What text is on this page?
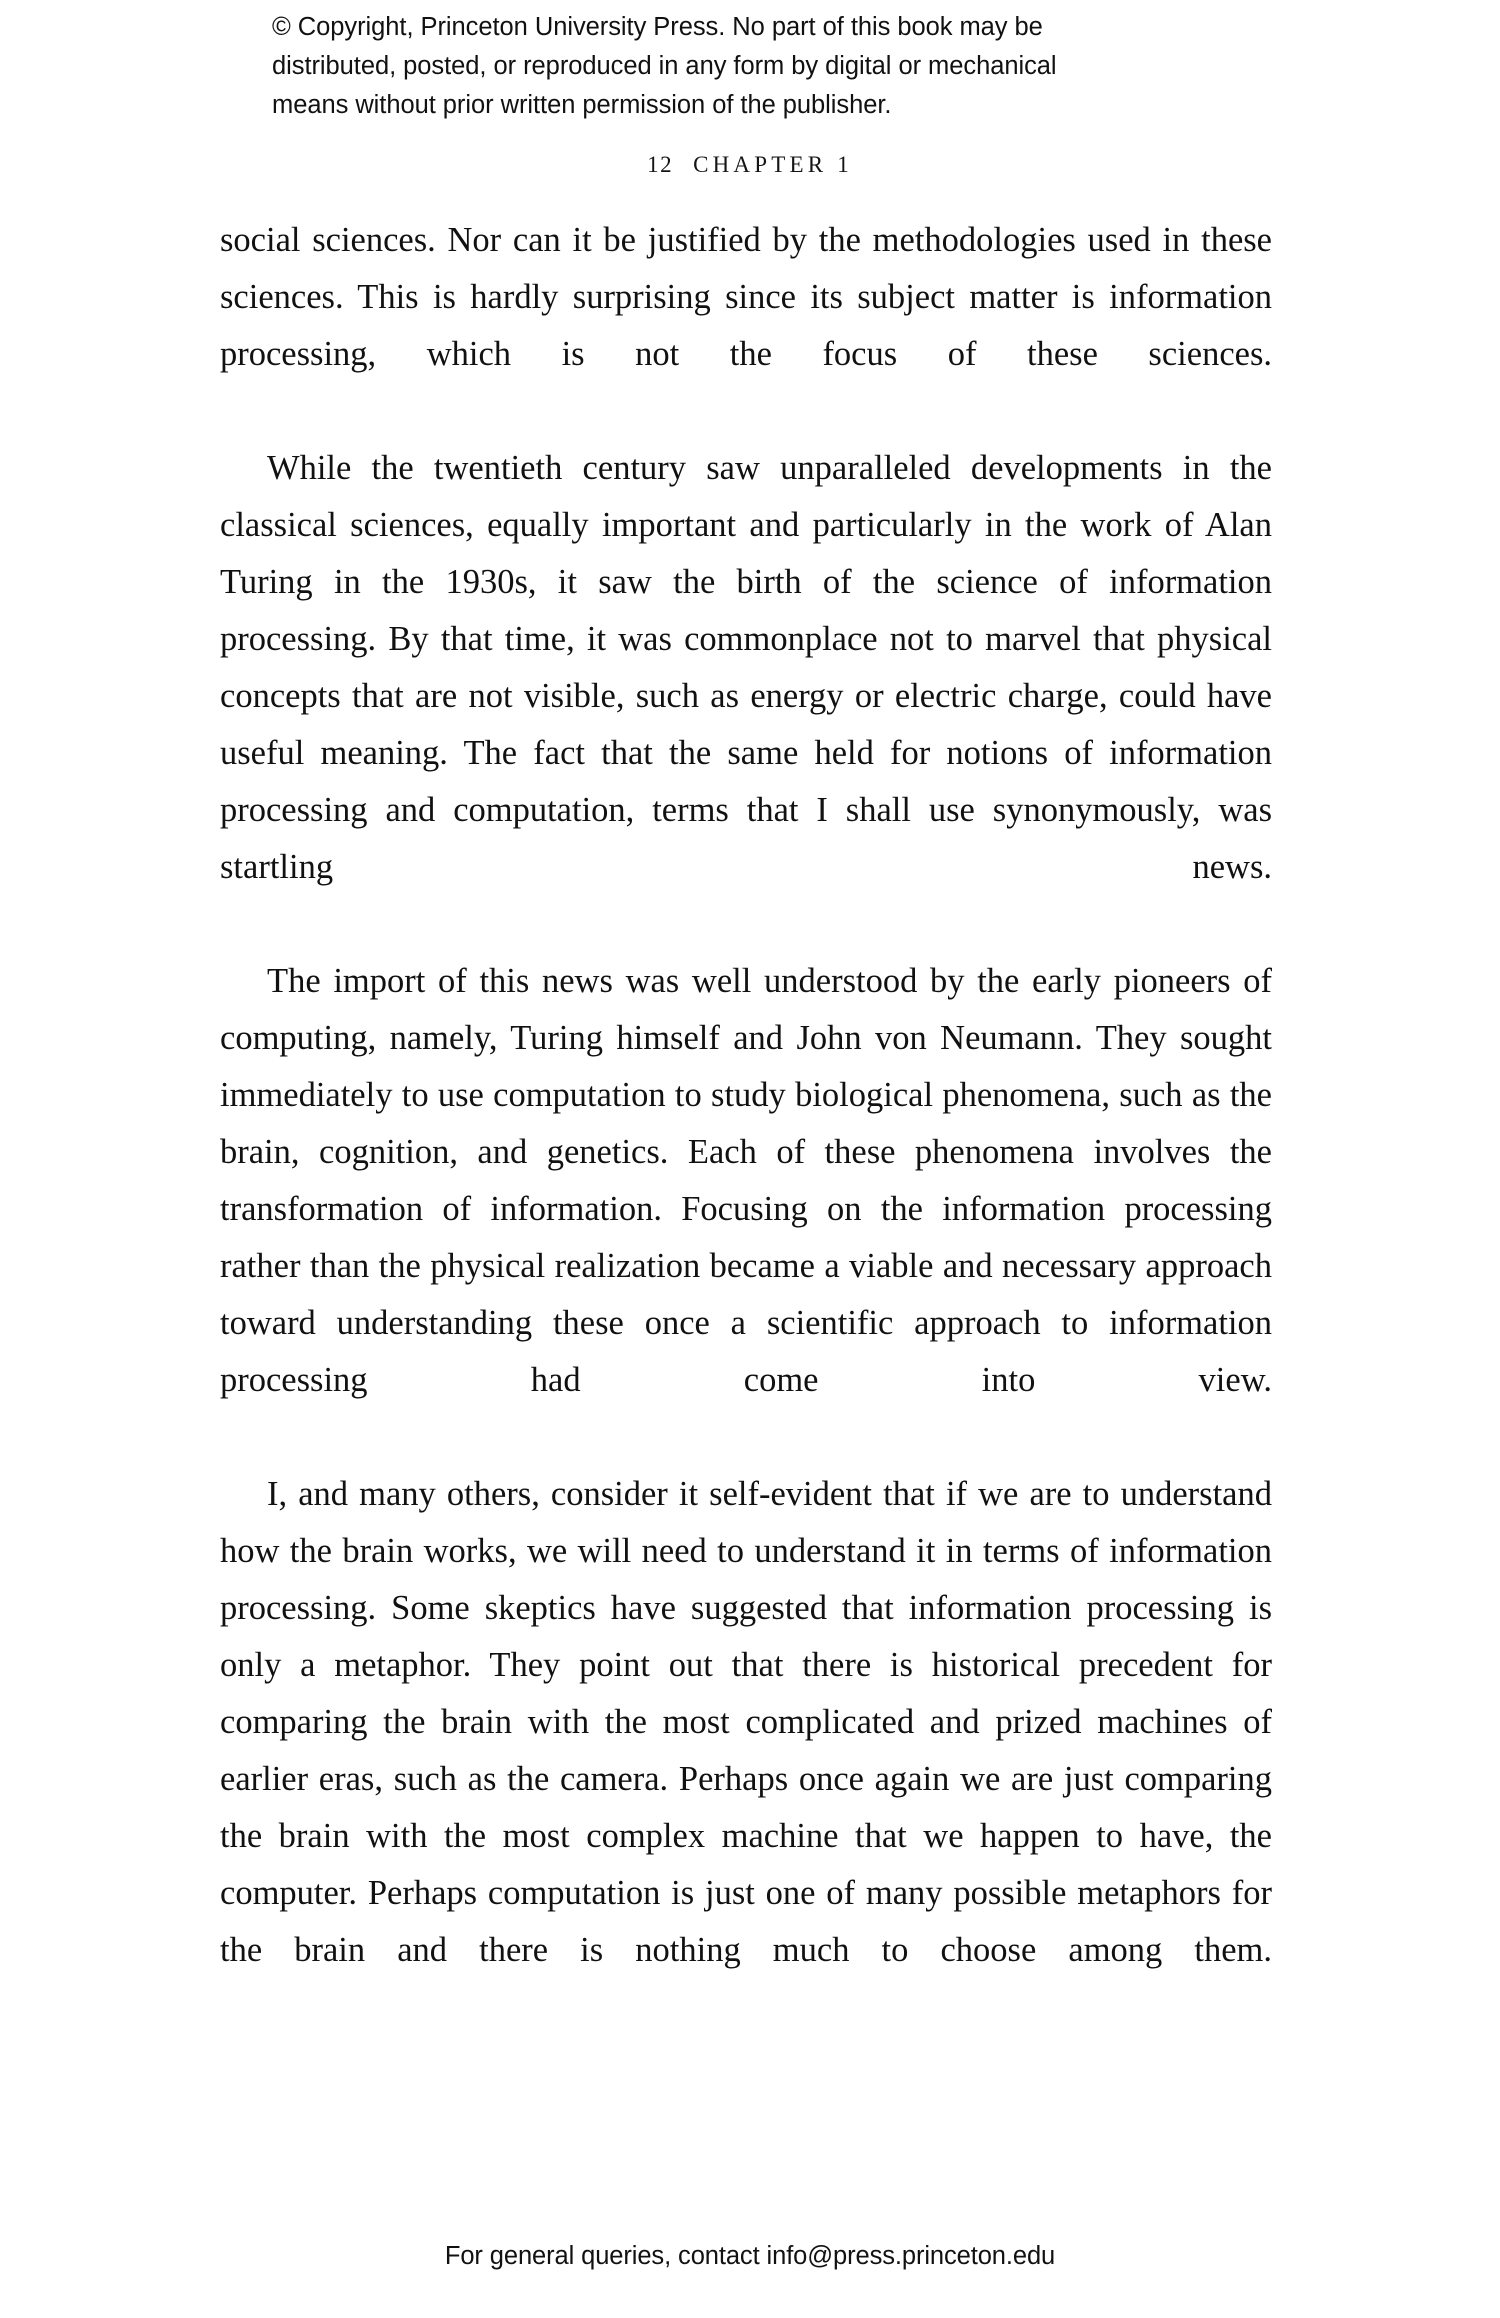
© Copyright, Princeton University Press. No part of this book may be
distributed, posted, or reproduced in any form by digital or mechanical
means without prior written permission of the publisher.
12 CHAPTER 1

social sciences. Nor can it be justified by the methodologies used in these sciences. This is hardly surprising since its subject matter is information processing, which is not the focus of these sciences.

While the twentieth century saw unparalleled developments in the classical sciences, equally important and particularly in the work of Alan Turing in the 1930s, it saw the birth of the science of information processing. By that time, it was commonplace not to marvel that physical concepts that are not visible, such as energy or electric charge, could have useful meaning. The fact that the same held for notions of information processing and computation, terms that I shall use synonymously, was startling news.

The import of this news was well understood by the early pioneers of computing, namely, Turing himself and John von Neumann. They sought immediately to use computation to study biological phenomena, such as the brain, cognition, and genetics. Each of these phenomena involves the transformation of information. Focusing on the information processing rather than the physical realization became a viable and necessary approach toward understanding these once a scientific approach to information processing had come into view.

I, and many others, consider it self-evident that if we are to understand how the brain works, we will need to understand it in terms of information processing. Some skeptics have suggested that information processing is only a metaphor. They point out that there is historical precedent for comparing the brain with the most complicated and prized machines of earlier eras, such as the camera. Perhaps once again we are just comparing the brain with the most complex machine that we happen to have, the computer. Perhaps computation is just one of many possible metaphors for the brain and there is nothing much to choose among them.

For general queries, contact info@press.princeton.edu
